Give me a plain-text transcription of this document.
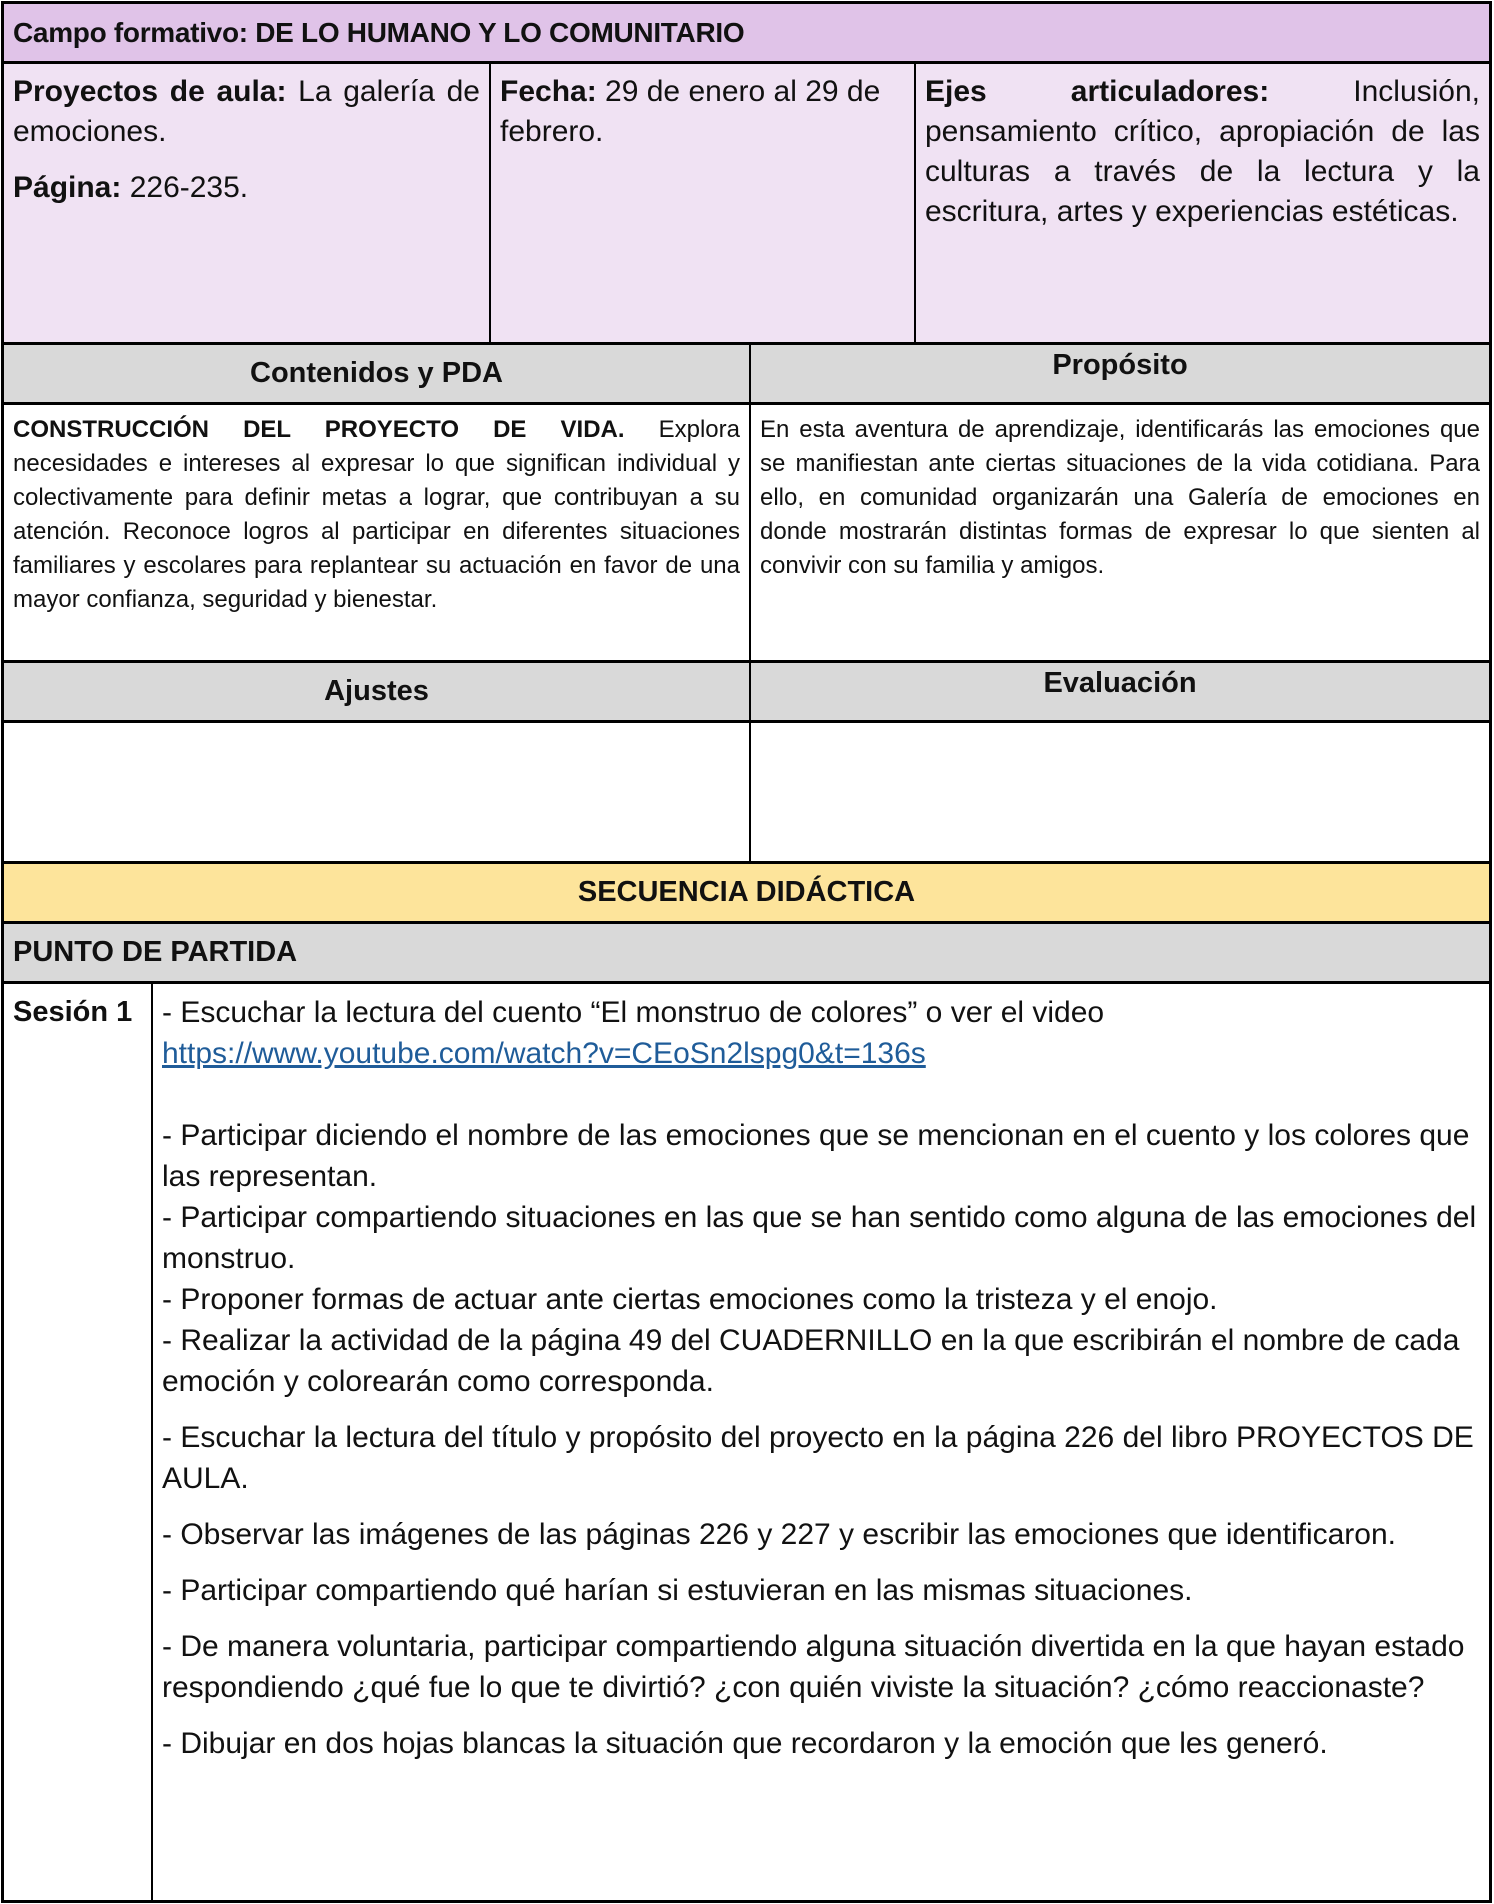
Campo formativo: DE LO HUMANO Y LO COMUNITARIO
Proyectos de aula: La galería de emociones.
Página: 226-235.
Fecha: 29 de enero al 29 de febrero.
Ejes articuladores: Inclusión, pensamiento crítico, apropiación de las culturas a través de la lectura y la escritura, artes y experiencias estéticas.
Contenidos y PDA	Propósito
CONSTRUCCIÓN DEL PROYECTO DE VIDA. Explora necesidades e intereses al expresar lo que significan individual y colectivamente para definir metas a lograr, que contribuyan a su atención. Reconoce logros al participar en diferentes situaciones familiares y escolares para replantear su actuación en favor de una mayor confianza, seguridad y bienestar.
En esta aventura de aprendizaje, identificarás las emociones que se manifiestan ante ciertas situaciones de la vida cotidiana. Para ello, en comunidad organizarán una Galería de emociones en donde mostrarán distintas formas de expresar lo que sienten al convivir con su familia y amigos.
Ajustes	Evaluación
SECUENCIA DIDÁCTICA
PUNTO DE PARTIDA
Sesión 1 - Escuchar la lectura del cuento “El monstruo de colores” o ver el video https://www.youtube.com/watch?v=CEoSn2lspg0&t=136s

- Participar diciendo el nombre de las emociones que se mencionan en el cuento y los colores que las representan.

- Participar compartiendo situaciones en las que se han sentido como alguna de las emociones del monstruo.

- Proponer formas de actuar ante ciertas emociones como la tristeza y el enojo.

- Realizar la actividad de la página 49 del CUADERNILLO en la que escribirán el nombre de cada emoción y colorearán como corresponda.

- Escuchar la lectura del título y propósito del proyecto en la página 226 del libro PROYECTOS DE AULA.

- Observar las imágenes de las páginas 226 y 227 y escribir las emociones que identificaron.

- Participar compartiendo qué harían si estuvieran en las mismas situaciones.

- De manera voluntaria, participar compartiendo alguna situación divertida en la que hayan estado respondiendo ¿qué fue lo que te divirtió? ¿con quién viviste la situación? ¿cómo reaccionaste?

- Dibujar en dos hojas blancas la situación que recordaron y la emoción que les generó.
